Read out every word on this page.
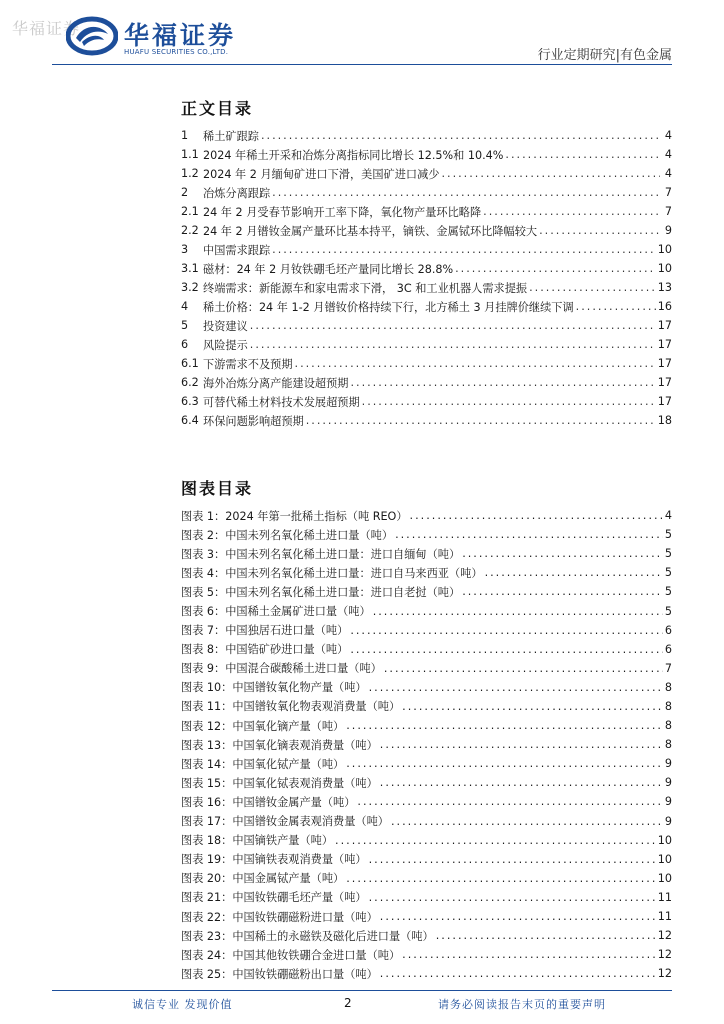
华福证券 华福证券
HUAFU SECURITIES CO.,LTD.	行业定期研究|有色金属
正文目录
1	稀土矿跟踪 .....	4
1.1 2024 年稀土开采和冶炼分离指标同比增长 12.5%和 10.4% .....	4
1.2 2024 年 2 月缅甸矿进口下滑，美国矿进口减少 .....	4
2	冶炼分离跟踪 .....	7
2.1 24 年 2 月受春节影响开工率下降，氧化物产量环比略降 .....	7
2.2 24 年 2 月镨钕金属产量环比基本持平，镝铁、金属铽环比降幅较大 .....	9
3	中国需求跟踪 .....	10
3.1 磁材：24 年 2 月钕铁硼毛坯产量同比增长 28.8% .....	10
3.2 终端需求：新能源车和家电需求下滑， 3C 和工业机器人需求提振 .....	13
4	稀土价格：24 年 1-2 月镨钕价格持续下行，北方稀土 3 月挂牌价继续下调 .....	16
5	投资建议 .....	17
6	风险提示 .....	17
6.1 下游需求不及预期 .....	17
6.2 海外冶炼分离产能建设超预期 .....	17
6.3 可替代稀土材料技术发展超预期 .....	17
6.4 环保问题影响超预期 .....	18
图表目录
图表 1：2024 年第一批稀土指标（吨 REO） .....	4
图表 2：中国未列名氧化稀土进口量（吨） .....	5
图表 3：中国未列名氧化稀土进口量：进口自缅甸（吨） .....	5
图表 4：中国未列名氧化稀土进口量：进口自马来西亚（吨） .....	5
图表 5：中国未列名氧化稀土进口量：进口自老挝（吨） .....	5
图表 6：中国稀土金属矿进口量（吨） .....	5
图表 7：中国独居石进口量（吨） .....	6
图表 8：中国锆矿砂进口量（吨） .....	6
图表 9：中国混合碳酸稀土进口量（吨） .....	7
图表 10：中国镨钕氧化物产量（吨） .....	8
图表 11：中国镨钕氧化物表观消费量（吨） .....	8
图表 12：中国氧化镝产量（吨） .....	8
图表 13：中国氧化镝表观消费量（吨） .....	8
图表 14：中国氧化铽产量（吨） .....	9
图表 15：中国氧化铽表观消费量（吨） .....	9
图表 16：中国镨钕金属产量（吨） .....	9
图表 17：中国镨钕金属表观消费量（吨） .....	9
图表 18：中国镝铁产量（吨） .....	10
图表 19：中国镝铁表观消费量（吨） .....	10
图表 20：中国金属铽产量（吨） .....	10
图表 21：中国钕铁硼毛坯产量（吨） .....	11
图表 22：中国钕铁硼磁粉进口量（吨） .....	11
图表 23：中国稀土的永磁铁及磁化后进口量（吨） .....	12
图表 24：中国其他钕铁硼合金进口量（吨） .....	12
图表 25：中国钕铁硼磁粉出口量（吨） .....	12
诚信专业 发现价值	2	请务必阅读报告末页的重要声明
